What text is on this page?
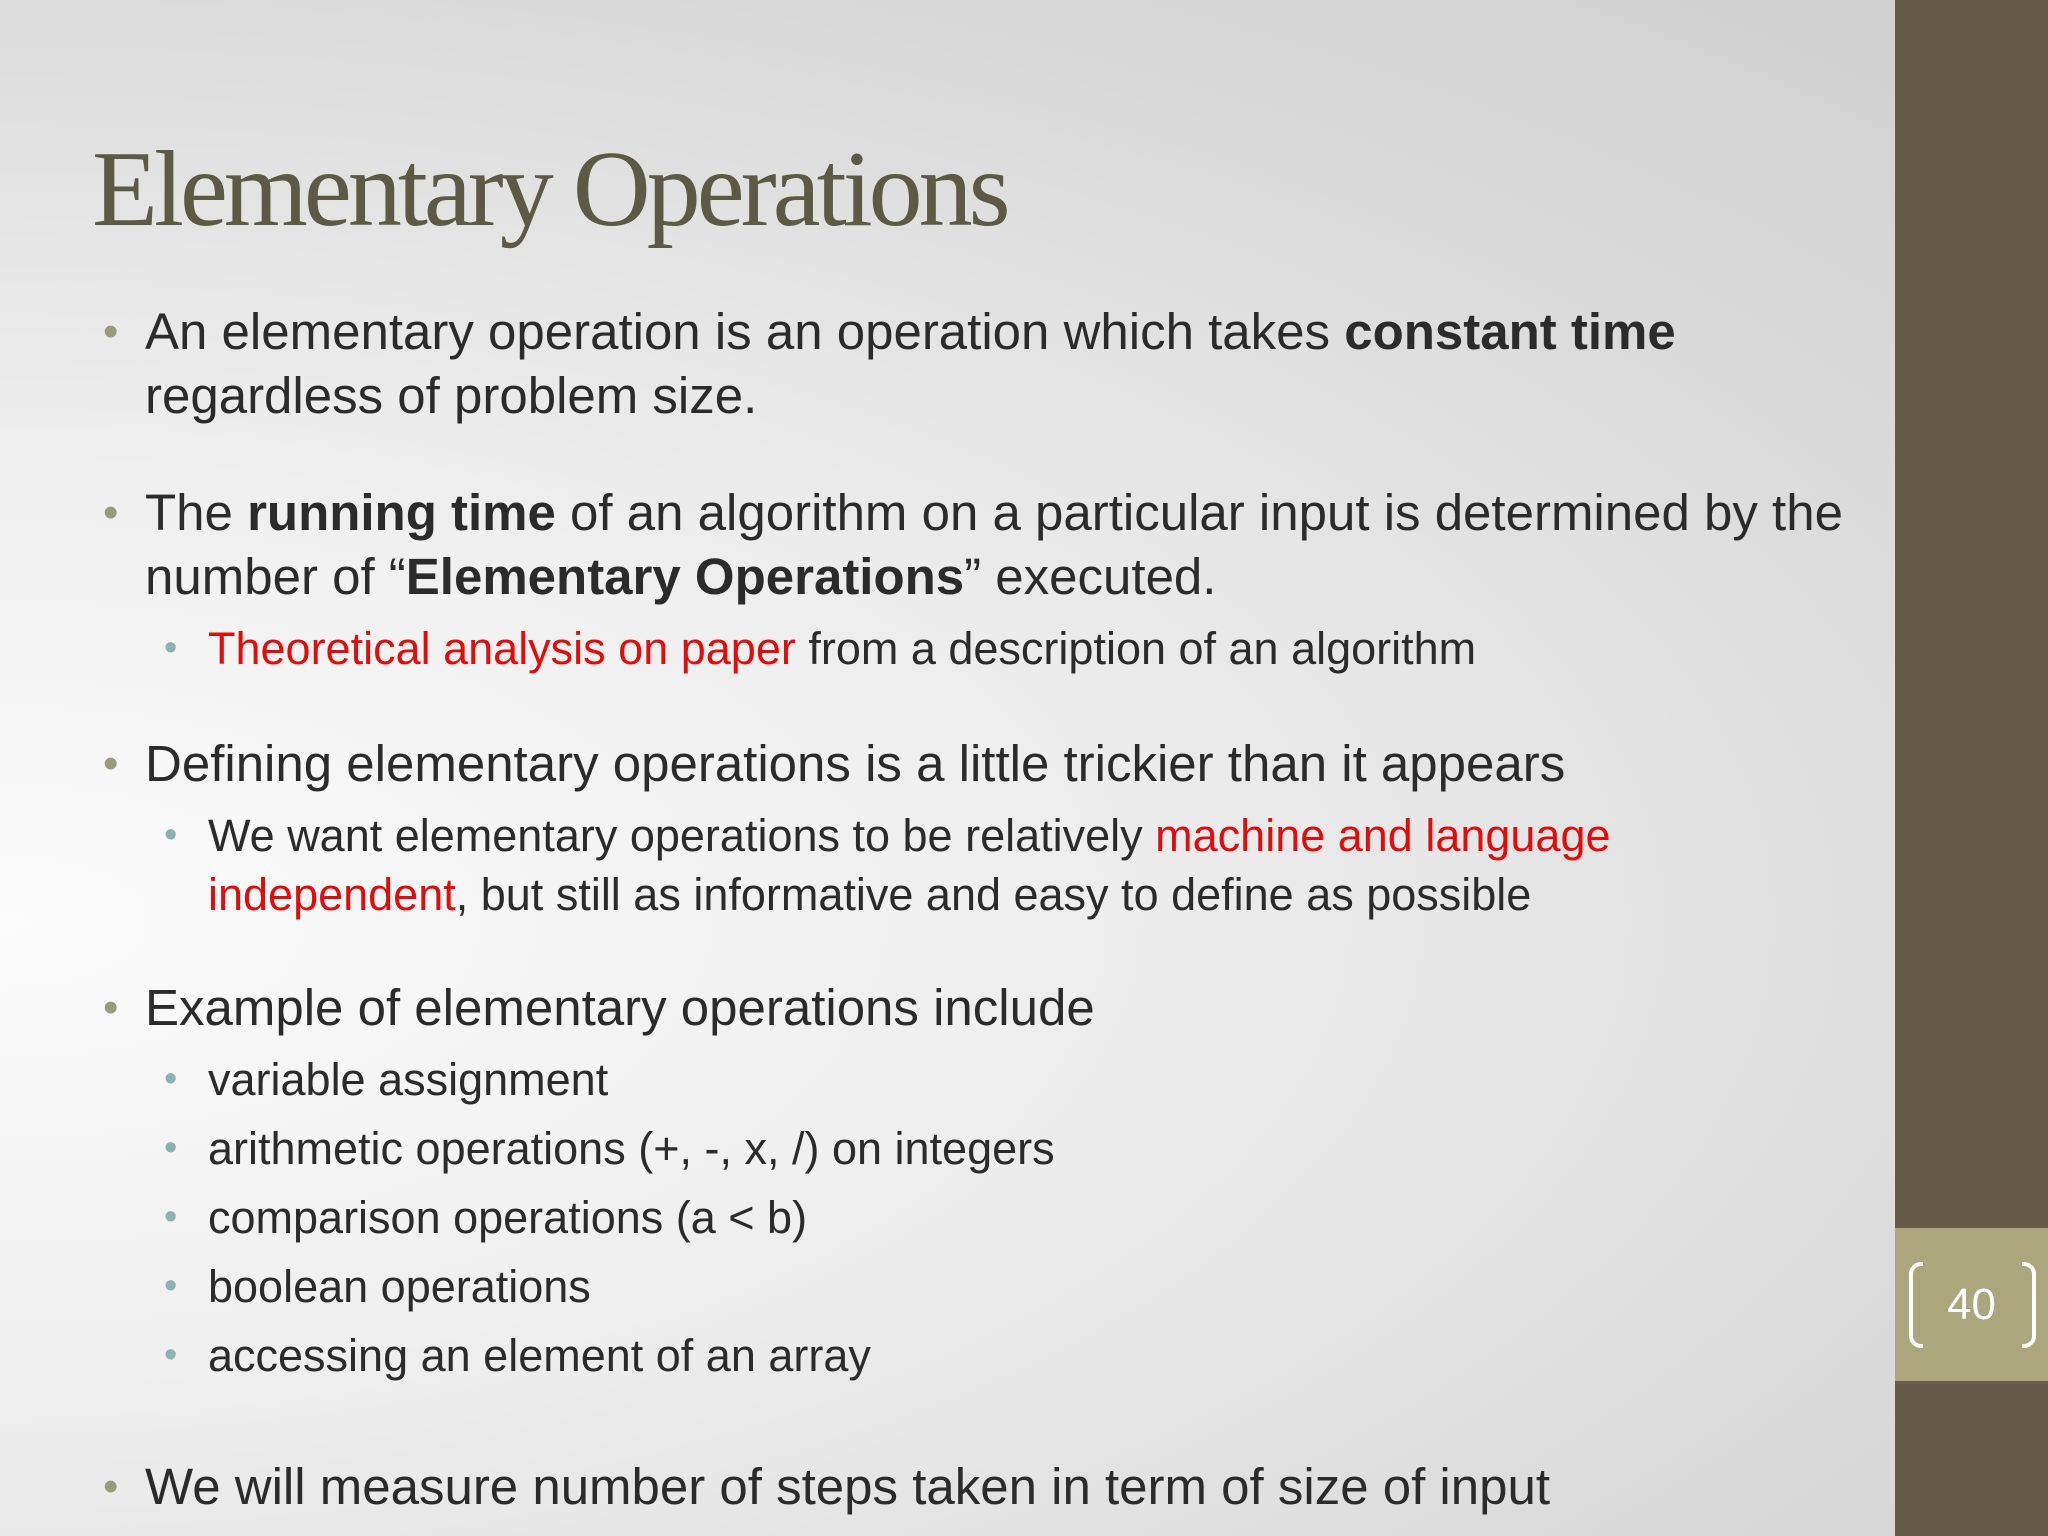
40
Elementary Operations
• An elementary operation is an operation which takes constant time
regardless of problem size.
• The running time of an algorithm on a particular input is determined by the number of “Elementary Operations” executed.
• Theoretical analysis on paper from a description of an algorithm
• Defining elementary operations is a little trickier than it appears
• We want elementary operations to be relatively machine and language independent, but still as informative and easy to define as possible
• Example of elementary operations include
• variable assignment
• arithmetic operations (+, -, x, /) on integers
• comparison operations (a < b)
• boolean operations
• accessing an element of an array
• We will measure number of steps taken in term of size of input
